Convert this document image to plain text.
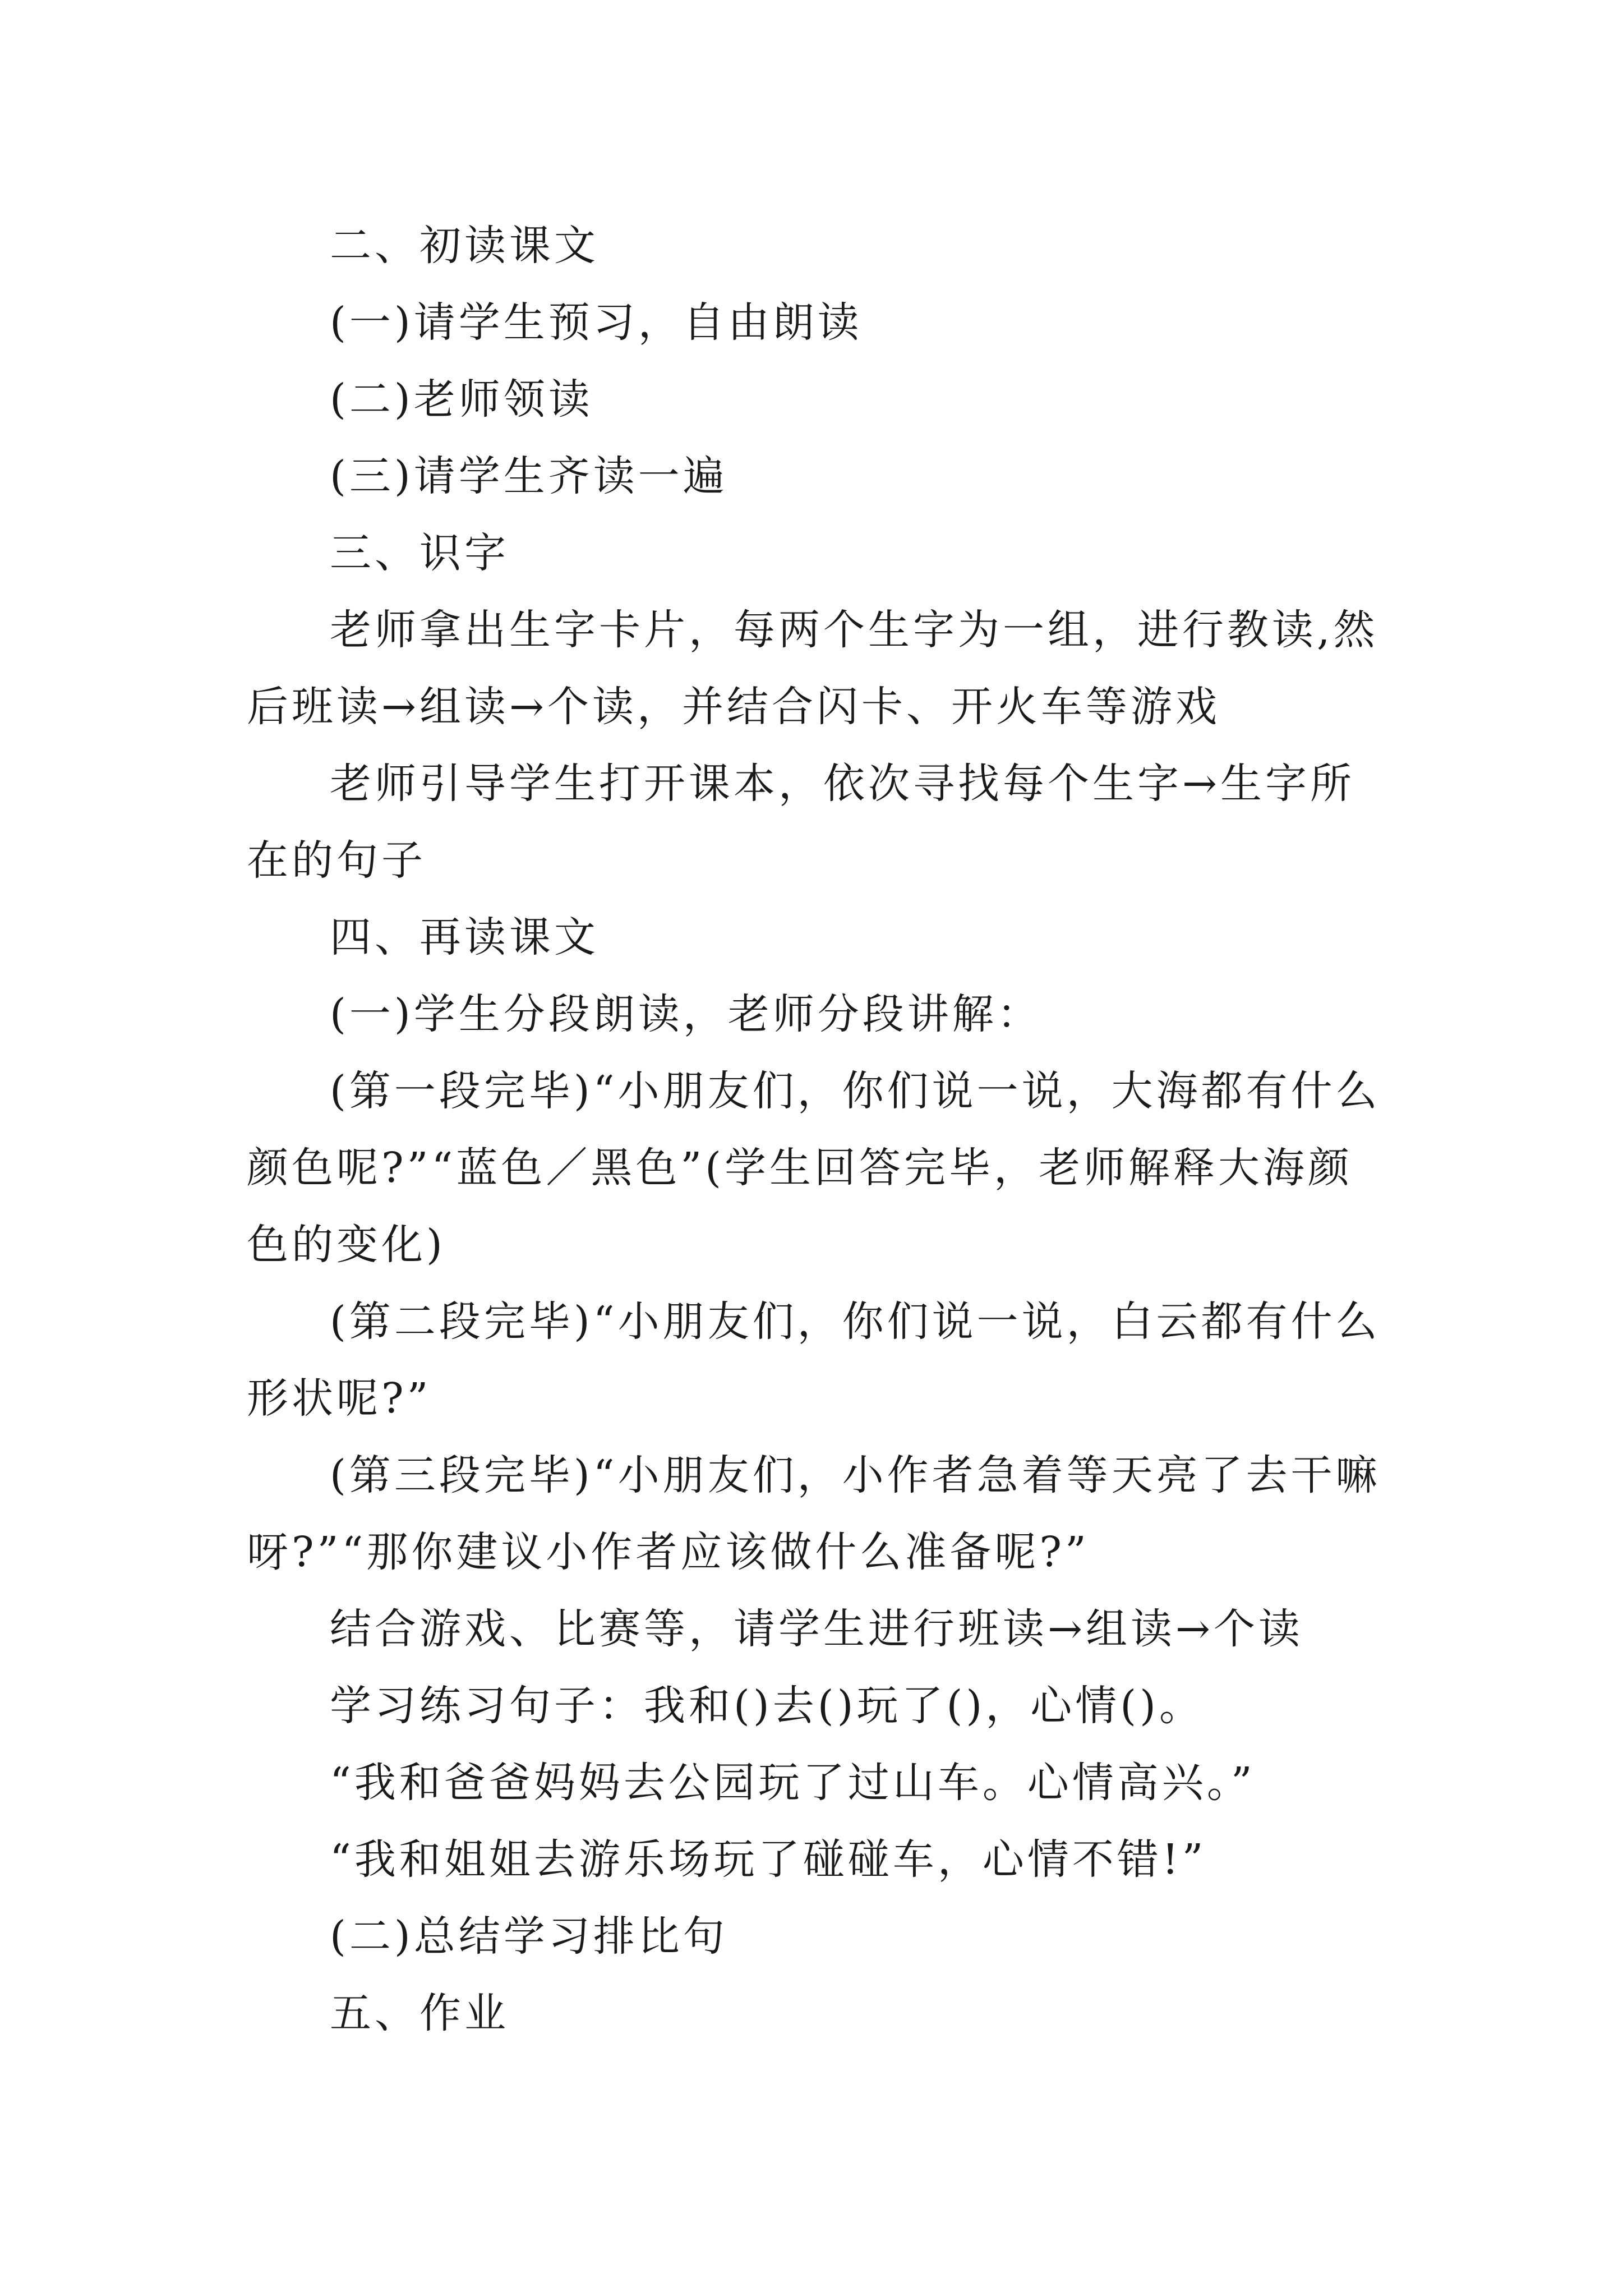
二、初读课文

(一)请学生预习，自由朗读

(二)老师领读

(三)请学生齐读一遍

三、识字

老师拿出生字卡片，每两个生字为一组，进行教读,然后班读→组读→个读，并结合闪卡、开火车等游戏

老师引导学生打开课本，依次寻找每个生字→生字所在的句子

四、再读课文

(一)学生分段朗读，老师分段讲解：

(第一段完毕)“小朋友们，你们说一说，大海都有什么颜色呢?”“蓝色／黑色”(学生回答完毕，老师解释大海颜色的变化)

(第二段完毕)“小朋友们，你们说一说，白云都有什么形状呢?”

(第三段完毕)“小朋友们，小作者急着等天亮了去干嘛呀?”“那你建议小作者应该做什么准备呢?”

结合游戏、比赛等，请学生进行班读→组读→个读

学习练习句子：我和()去()玩了()，心情()。

“我和爸爸妈妈去公园玩了过山车。心情高兴。”

“我和姐姐去游乐场玩了碰碰车，心情不错!”

(二)总结学习排比句

五、作业
